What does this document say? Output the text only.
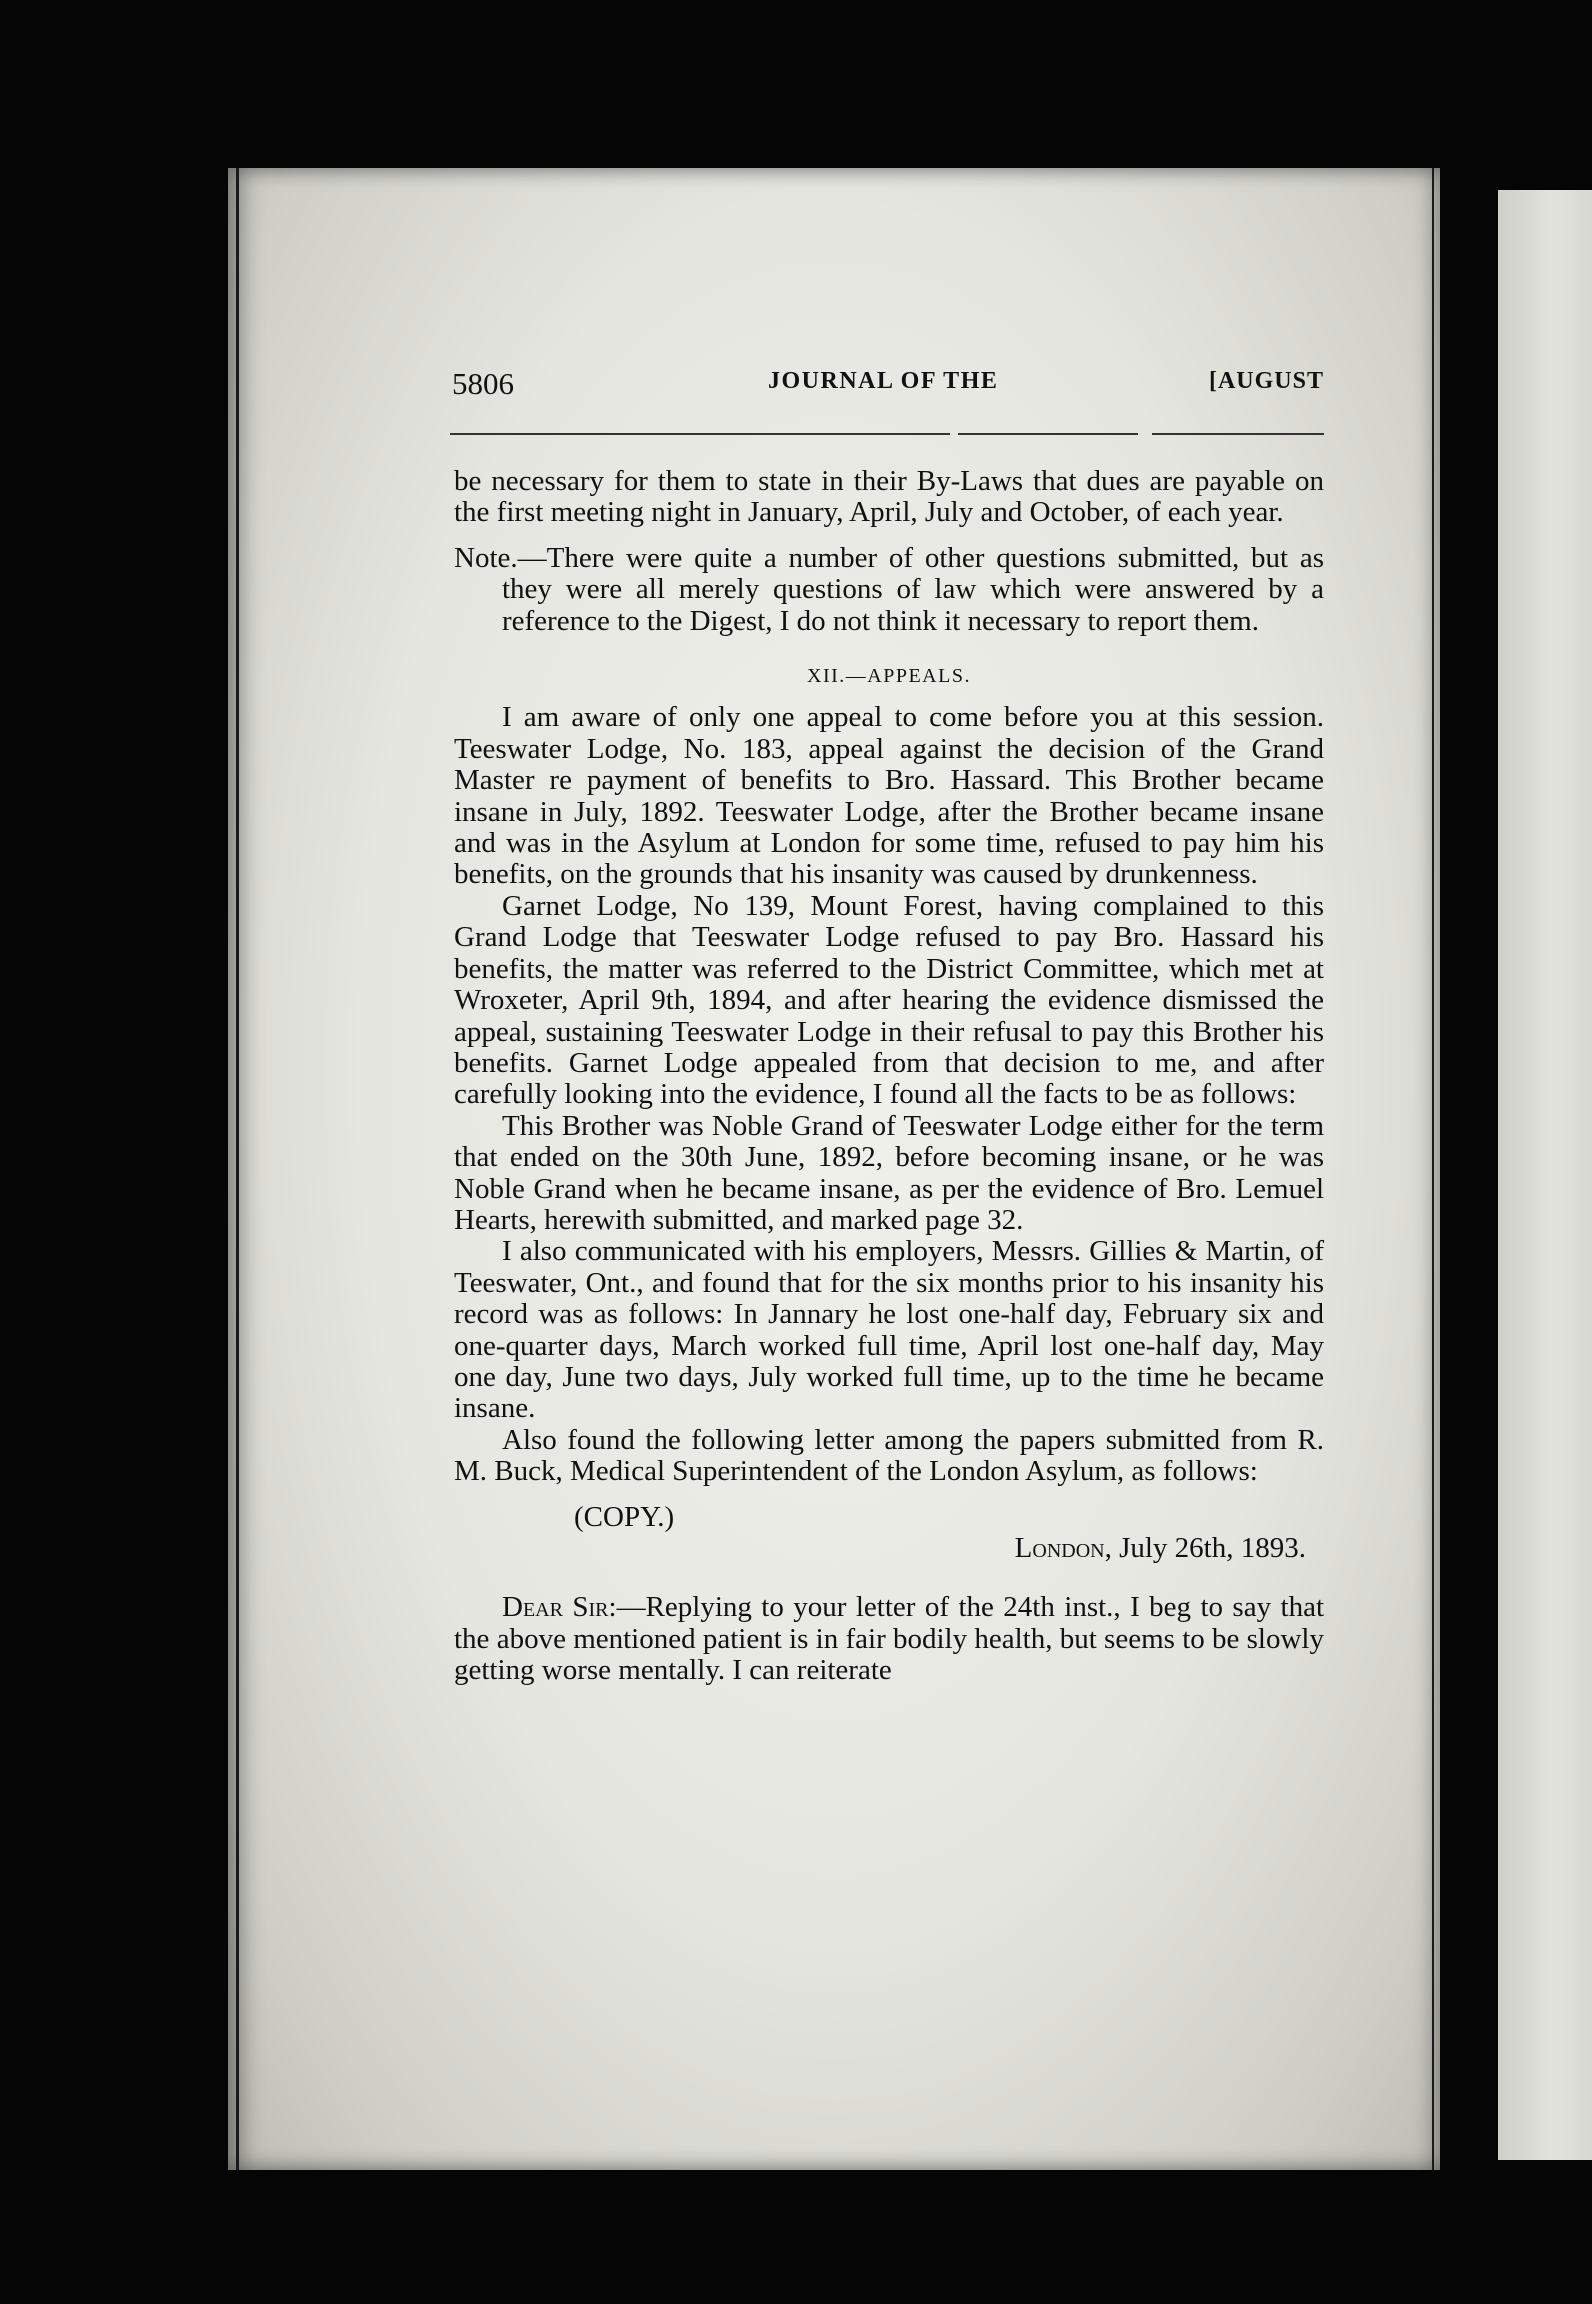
5806	JOURNAL OF THE	[AUGUST

be necessary for them to state in their By-Laws that dues are payable on the first meeting night in January, April, July and October, of each year.

Note.—There were quite a number of other questions submitted, but as they were all merely questions of law which were answered by a reference to the Digest, I do not think it necessary to report them.

XII.—APPEALS.

I am aware of only one appeal to come before you at this session. Teeswater Lodge, No. 183, appeal against the decision of the Grand Master re payment of benefits to Bro. Hassard. This Brother became insane in July, 1892. Teeswater Lodge, after the Brother became insane and was in the Asylum at London for some time, refused to pay him his benefits, on the grounds that his insanity was caused by drunkenness.

Garnet Lodge, No 139, Mount Forest, having complained to this Grand Lodge that Teeswater Lodge refused to pay Bro. Hassard his benefits, the matter was referred to the District Committee, which met at Wroxeter, April 9th, 1894, and after hearing the evidence dismissed the appeal, sustaining Teeswater Lodge in their refusal to pay this Brother his benefits. Garnet Lodge appealed from that decision to me, and after carefully looking into the evidence, I found all the facts to be as follows:

This Brother was Noble Grand of Teeswater Lodge either for the term that ended on the 30th June, 1892, before becoming insane, or he was Noble Grand when he became insane, as per the evidence of Bro. Lemuel Hearts, herewith submitted, and marked page 32.

I also communicated with his employers, Messrs. Gillies & Martin, of Teeswater, Ont., and found that for the six months prior to his insanity his record was as follows: In Jannary he lost one-half day, February six and one-quarter days, March worked full time, April lost one-half day, May one day, June two days, July worked full time, up to the time he became insane.

Also found the following letter among the papers submitted from R. M. Buck, Medical Superintendent of the London Asylum, as follows:

(COPY.)

London, July 26th, 1893.

Dear Sir:—Replying to your letter of the 24th inst., I beg to say that the above mentioned patient is in fair bodily health, but seems to be slowly getting worse mentally. I can reiterate
